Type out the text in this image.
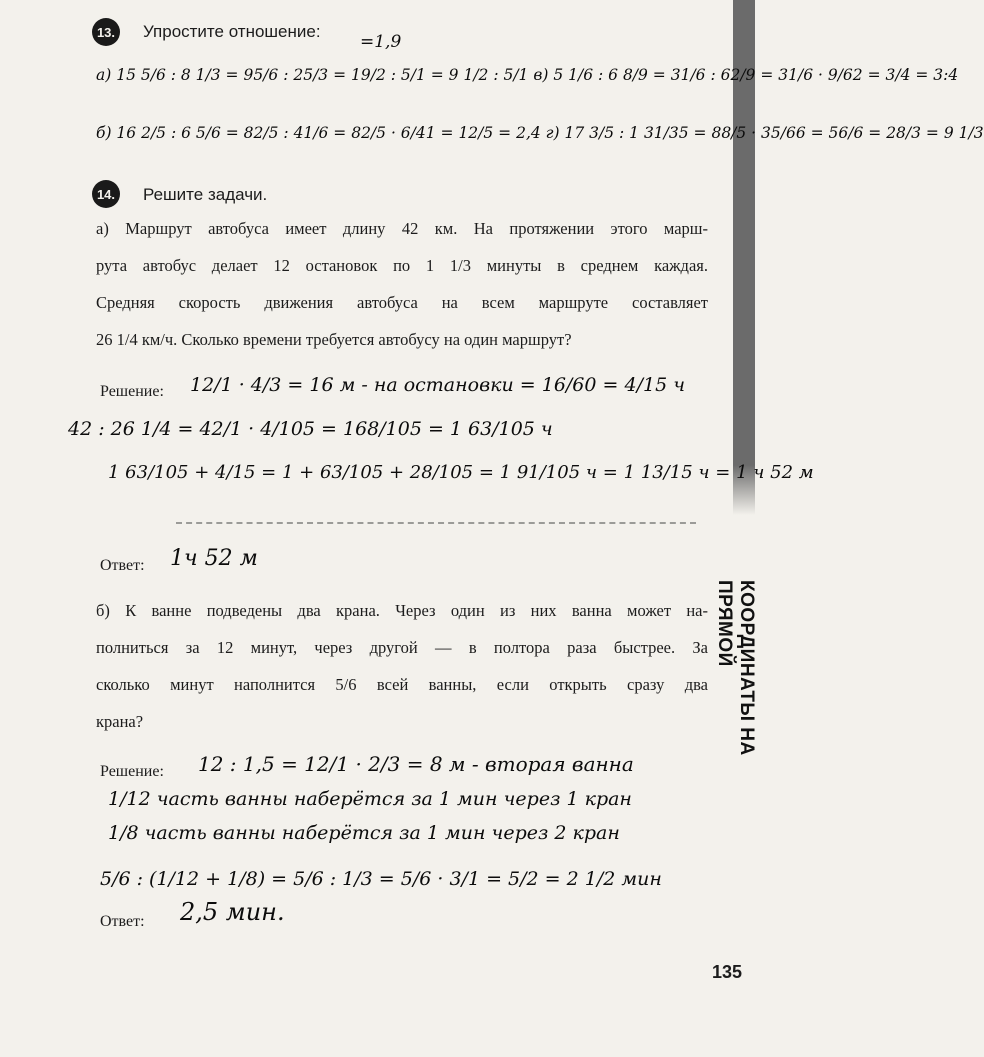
КООРДИНАТЫ НА ПРЯМОЙ
135
13. Упростите отношение:
=1,9
а) 15 5/6 : 8 1/3 = 95/6 : 25/3 = 19/2 : 5/1 = 9 1/2 : 5/1 в) 5 1/6 : 6 8/9 = 31/6 : 62/9 = 31/6 · 9/62 = 3/4 = 3:4
б) 16 2/5 : 6 5/6 = 82/5 : 41/6 = 82/5 · 6/41 = 12/5 = 2,4 г) 17 3/5 : 1 31/35 = 88/5 · 35/66 = 56/6 = 28/3 = 9 1/3
14. Решите задачи.
а) Маршрут автобуса имеет длину 42 км. На протяжении этого марш-
рута автобус делает 12 остановок по 1 1/3 минуты в среднем каждая.
Средняя скорость движения автобуса на всем маршруте составляет
26 1/4 км/ч. Сколько времени требуется автобусу на один маршрут?
Решение: 12/1 · 4/3 = 16 м - на остановки = 16/60 = 4/15 ч
42 : 26 1/4 = 42/1 · 4/105 = 168/105 = 1 63/105 ч
1 63/105 + 4/15 = 1 + 63/105 + 28/105 = 1 91/105 ч = 1 13/15 ч = 1 ч 52 м
Ответ: 1ч 52 м
б) К ванне подведены два крана. Через один из них ванна может на-
полниться за 12 минут, через другой — в полтора раза быстрее. За
сколько минут наполнится 5/6 всей ванны, если открыть сразу два
крана?
Решение: 12 : 1,5 = 12/1 · 2/3 = 8 м - вторая ванна
1/12 часть ванны наберётся за 1 мин через 1 кран
1/8 часть ванны наберётся за 1 мин через 2 кран
5/6 : (1/12 + 1/8) = 5/6 : 1/3 = 5/6 · 3/1 = 5/2 = 2 1/2 мин
Ответ: 2,5 мин.
